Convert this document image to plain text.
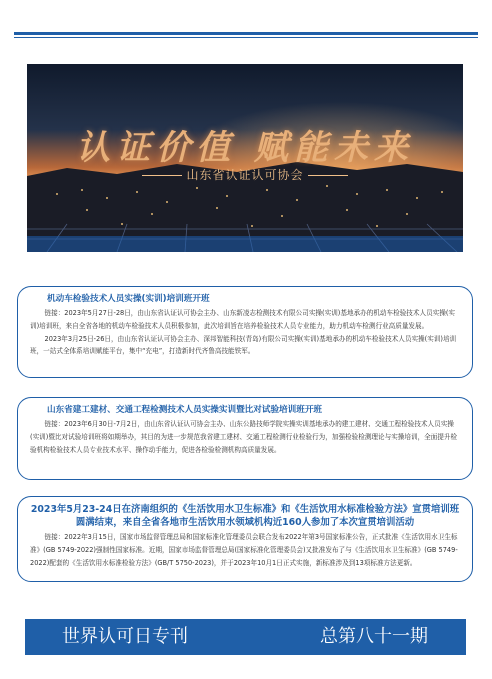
认证价值 赋能未来
山东省认证认可协会

机动车检验技术人员实操(实训)培训班开班

链接：2023年5月27日-28日，由山东省认证认可协会主办、山东新凌志检测技术有限公司实操(实训)基地承办的机动车检验技术人员实操(实训)培训班，来自全省各地的机动车检验技术人员积极参加，此次培训旨在培养检验技术人员专业能力，助力机动车检测行业高质量发展。

2023年3月25日-26日，由山东省认证认可协会主办、深邦智能科技(青岛)有限公司实操(实训)基地承办的机动车检验技术人员实操(实训)培训班，一站式全体系培训赋能平台，集中“充电”，打造新时代齐鲁高技能铁军。

山东省建工建材、交通工程检测技术人员实操实训暨比对试验培训班开班

链接：2023年6月30日-7月2日，由山东省认证认可协会主办、山东公路技师学院实操实训基地承办的建工建材、交通工程检验技术人员实操(实训)暨比对试验培训班将如期举办，其目的为进一步规范我省建工建材、交通工程检测行业检验行为，加强检验检测理论与实操培训，全面提升检验机构检验技术人员专业技术水平、操作动手能力，促进各检验检测机构高质量发展。

2023年5月23-24日在济南组织的《生活饮用水卫生标准》和《生活饮用水标准检验方法》宣贯培训班圆满结束，来自全省各地市生活饮用水领域机构近160人参加了本次宣贯培训活动

链接：2022年3月15日，国家市场监督管理总局和国家标准化管理委员会联合发布2022年第3号国家标准公告，正式批准《生活饮用水卫生标准》(GB 5749-2022)强制性国家标准。近期，国家市场监督管理总局(国家标准化管理委员会)又批准发布了与《生活饮用水卫生标准》(GB 5749-2022)配套的《生活饮用水标准检验方法》(GB/T 5750-2023)，并于2023年10月1日正式实施，新标准涉及到13项标准方法更新。

世界认可日专刊	总第八十一期
